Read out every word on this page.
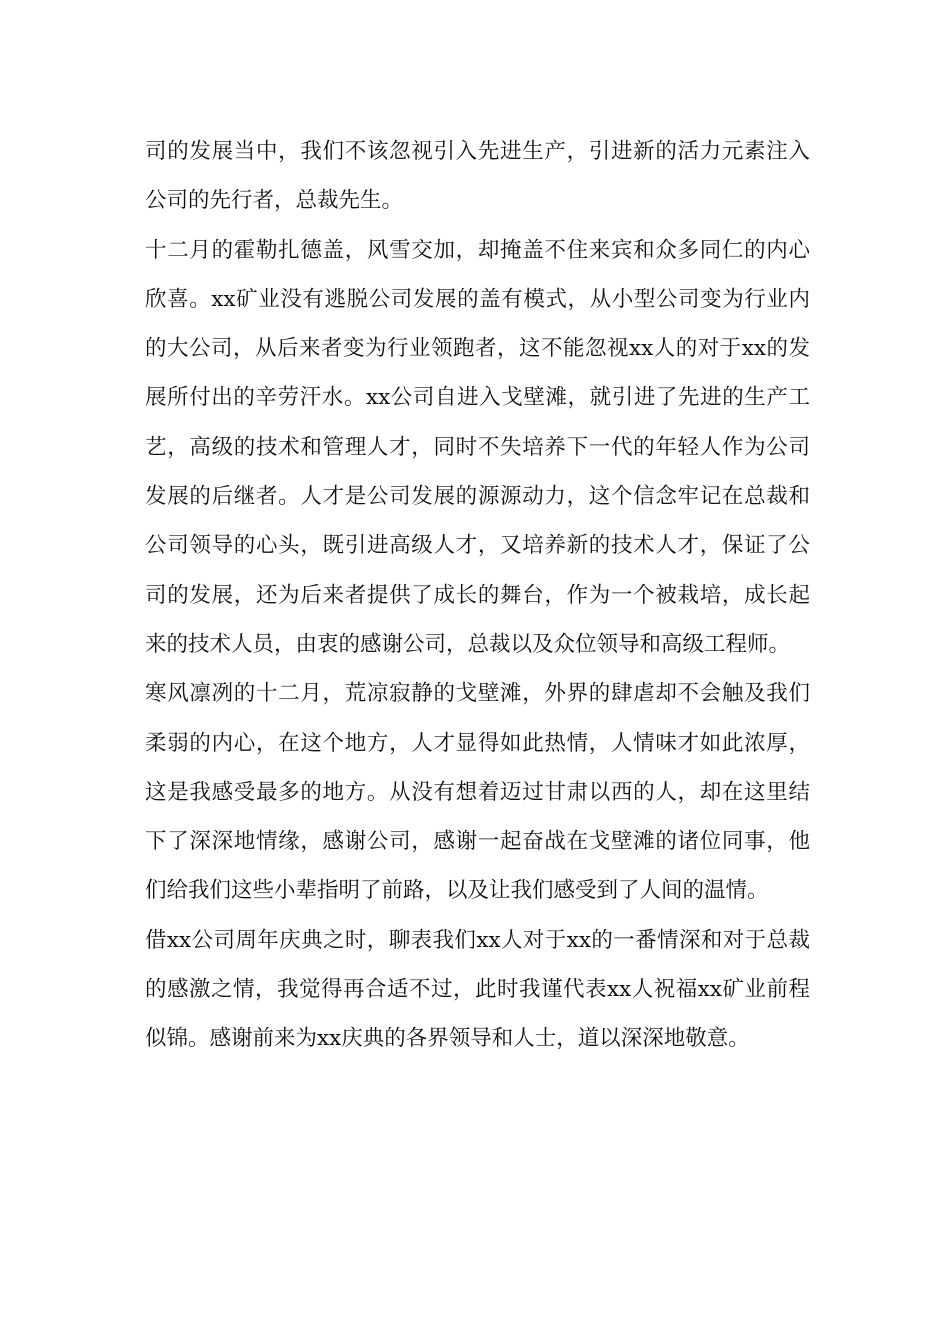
司的发展当中，我们不该忽视引入先进生产，引进新的活力元素注入公司的先行者，总裁先生。

十二月的霍勒扎德盖，风雪交加，却掩盖不住来宾和众多同仁的内心欣喜。xx矿业没有逃脱公司发展的盖有模式，从小型公司变为行业内的大公司，从后来者变为行业领跑者，这不能忽视xx人的对于xx的发展所付出的辛劳汗水。xx公司自进入戈壁滩，就引进了先进的生产工艺，高级的技术和管理人才，同时不失培养下一代的年轻人作为公司发展的后继者。人才是公司发展的源源动力，这个信念牢记在总裁和公司领导的心头，既引进高级人才，又培养新的技术人才，保证了公司的发展，还为后来者提供了成长的舞台，作为一个被栽培，成长起来的技术人员，由衷的感谢公司，总裁以及众位领导和高级工程师。

寒风凛冽的十二月，荒凉寂静的戈壁滩，外界的肆虐却不会触及我们柔弱的内心，在这个地方，人才显得如此热情，人情味才如此浓厚，这是我感受最多的地方。从没有想着迈过甘肃以西的人，却在这里结下了深深地情缘，感谢公司，感谢一起奋战在戈壁滩的诸位同事，他们给我们这些小辈指明了前路，以及让我们感受到了人间的温情。

借xx公司周年庆典之时，聊表我们xx人对于xx的一番情深和对于总裁的感激之情，我觉得再合适不过，此时我谨代表xx人祝福xx矿业前程似锦。感谢前来为xx庆典的各界领导和人士，道以深深地敬意。
